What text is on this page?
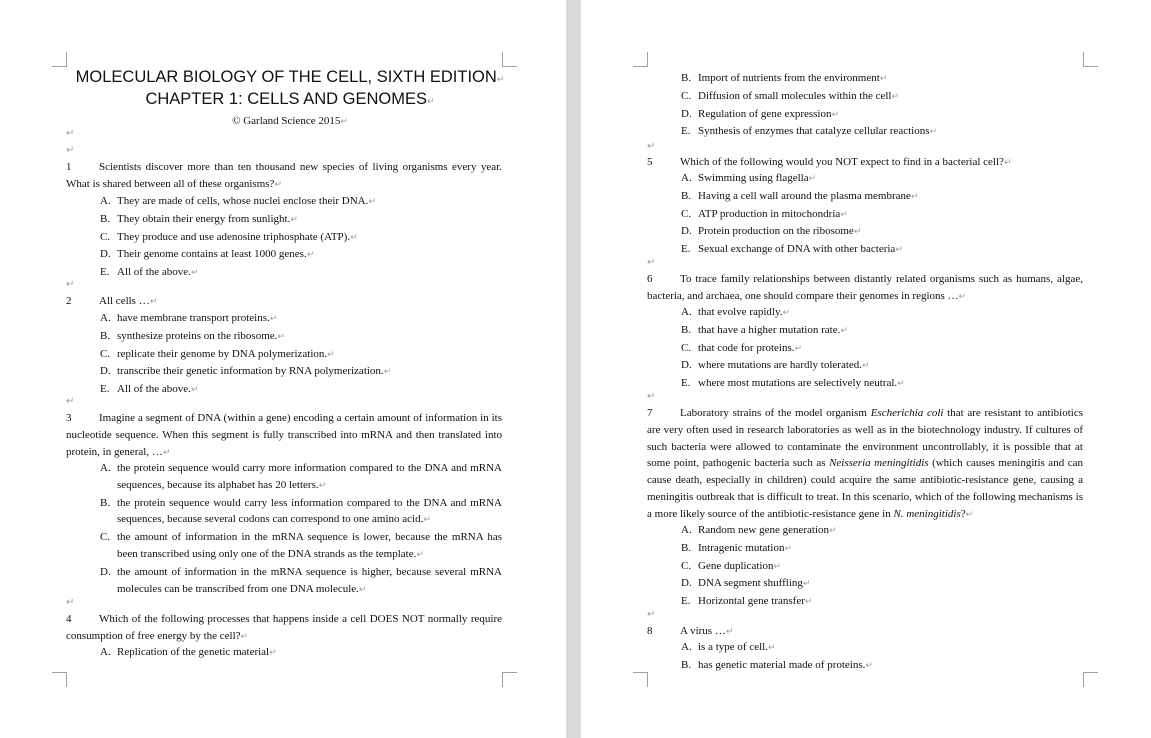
MOLECULAR BIOLOGY OF THE CELL, SIXTH EDITION↵
CHAPTER 1: CELLS AND GENOMES↵
© Garland Science 2015↵
↵
↵
1	Scientists discover more than ten thousand new species of living organisms every year. What is shared between all of these organisms?↵
A. They are made of cells, whose nuclei enclose their DNA.↵
B. They obtain their energy from sunlight.↵
C. They produce and use adenosine triphosphate (ATP).↵
D. Their genome contains at least 1000 genes.↵
E. All of the above.↵
↵
2	All cells …↵
A. have membrane transport proteins.↵
B. synthesize proteins on the ribosome.↵
C. replicate their genome by DNA polymerization.↵
D. transcribe their genetic information by RNA polymerization.↵
E. All of the above.↵
↵
3	Imagine a segment of DNA (within a gene) encoding a certain amount of information in its nucleotide sequence. When this segment is fully transcribed into mRNA and then translated into protein, in general, …↵
A. the protein sequence would carry more information compared to the DNA and mRNA sequences, because its alphabet has 20 letters.↵
B. the protein sequence would carry less information compared to the DNA and mRNA sequences, because several codons can correspond to one amino acid.↵
C. the amount of information in the mRNA sequence is lower, because the mRNA has been transcribed using only one of the DNA strands as the template.↵
D. the amount of information in the mRNA sequence is higher, because several mRNA molecules can be transcribed from one DNA molecule.↵
↵
4	Which of the following processes that happens inside a cell DOES NOT normally require consumption of free energy by the cell?↵
A. Replication of the genetic material↵
B. Import of nutrients from the environment↵
C. Diffusion of small molecules within the cell↵
D. Regulation of gene expression↵
E. Synthesis of enzymes that catalyze cellular reactions↵
↵
5	Which of the following would you NOT expect to find in a bacterial cell?↵
A. Swimming using flagella↵
B. Having a cell wall around the plasma membrane↵
C. ATP production in mitochondria↵
D. Protein production on the ribosome↵
E. Sexual exchange of DNA with other bacteria↵
↵
6	To trace family relationships between distantly related organisms such as humans, algae, bacteria, and archaea, one should compare their genomes in regions …↵
A. that evolve rapidly.↵
B. that have a higher mutation rate.↵
C. that code for proteins.↵
D. where mutations are hardly tolerated.↵
E. where most mutations are selectively neutral.↵
↵
7	Laboratory strains of the model organism Escherichia coli that are resistant to antibiotics are very often used in research laboratories as well as in the biotechnology industry. If cultures of such bacteria were allowed to contaminate the environment uncontrollably, it is possible that at some point, pathogenic bacteria such as Neisseria meningitidis (which causes meningitis and can cause death, especially in children) could acquire the same antibiotic-resistance gene, causing a meningitis outbreak that is difficult to treat. In this scenario, which of the following mechanisms is a more likely source of the antibiotic-resistance gene in N. meningitidis?↵
A. Random new gene generation↵
B. Intragenic mutation↵
C. Gene duplication↵
D. DNA segment shuffling↵
E. Horizontal gene transfer↵
↵
8	A virus …↵
A. is a type of cell.↵
B. has genetic material made of proteins.↵
